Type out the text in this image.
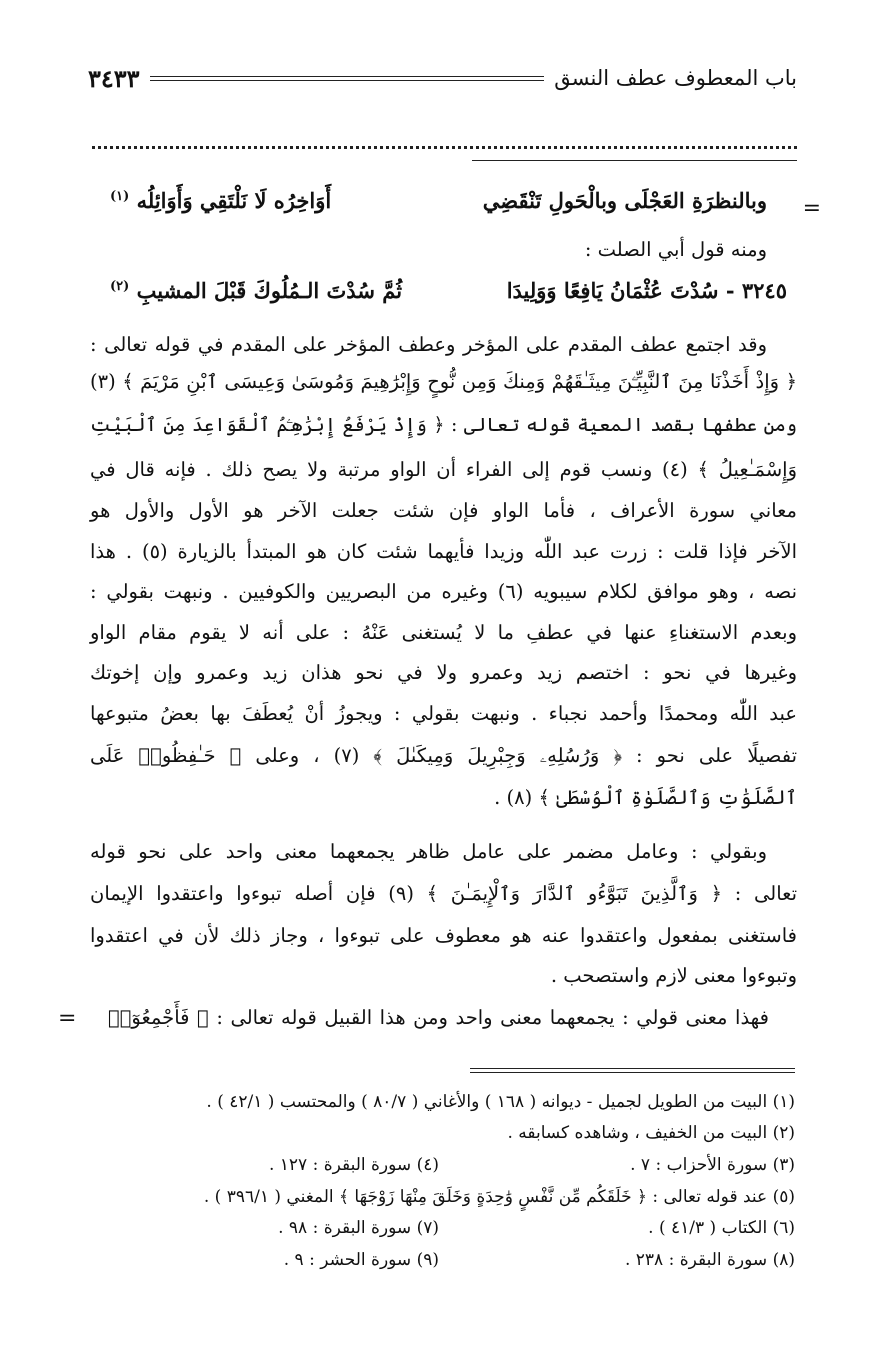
باب المعطوف عطف النسق
٣٤٣٣
=
وبالنظرَةِ العَجْلَى وبالْحَولِ تَنْقَضِي
أَوَاخِرُه لَا نَلْتَقِي وَأَوَائِلُه $^{(١)}$
ومنه قول أبي الصلت :
٣٢٤٥ - سُدْتَ عُثْمَانُ يَافِعًا وَوَلِيدَا
ثُمَّ سُدْتَ الـمُلُوكَ قَبْلَ المشيبِ $^{(٢)}$
وقد اجتمع عطف المقدم على المؤخر وعطف المؤخر على المقدم في قوله تعالى :
﴿ وَإِذْ أَخَذْنَا مِنَ ٱلنَّبِيِّـۧنَ مِيثَـٰقَهُمْ وَمِنكَ وَمِن نُّوحٍ وَإِبْرَٰهِيمَ وَمُوسَىٰ وَعِيسَى ٱبْنِ مَرْيَمَ ﴾ (٣)
ومن عطفها بقصد المعية قوله تعالى : ﴿ وَإِذْ يَرْفَعُ إِبْرَٰهِـۧمُ ٱلْقَوَاعِدَ مِنَ ٱلْبَيْتِ
وَإِسْمَـٰعِيلُ ﴾ (٤) ونسب قوم إلى الفراء أن الواو مرتبة ولا يصح ذلك . فإنه قال في
معاني سورة الأعراف ، فأما الواو فإن شئت جعلت الآخر هو الأول والأول هو
الآخر فإذا قلت : زرت عبد اللّٰه وزيدا فأيهما شئت كان هو المبتدأ بالزيارة (٥) . هذا
نصه ، وهو موافق لكلام سيبويه (٦) وغيره من البصريين والكوفيين . ونبهت بقولي :
وبعدم الاستغناءِ عنها في عطفِ ما لا يُستغنى عَنْهُ : على أنه لا يقوم مقام الواو
وغيرها في نحو : اختصم زيد وعمرو ولا في نحو هذان زيد وعمرو وإن إخوتك
عبد اللّٰه ومحمدًا وأحمد نجباء . ونبهت بقولي : ويجوزُ أنْ يُعطَفَ بها بعضُ متبوعها
تفصيلًا على نحو : ﴿ وَرُسُلِهِۦ وَجِبْرِيلَ وَمِيكَىٰلَ ﴾ (٧) ، وعلى ﴿ حَـٰفِظُوا۟ عَلَى
ٱلصَّلَوَٰتِ وَٱلصَّلَوٰةِ ٱلْوُسْطَىٰ ﴾ (٨) .
وبقولي : وعامل مضمر على عامل ظاهر يجمعهما معنى واحد على نحو قوله
تعالى : ﴿ وَٱلَّذِينَ تَبَوَّءُو ٱلدَّارَ وَٱلْإِيمَـٰنَ ﴾ (٩) فإن أصله تبوءوا واعتقدوا الإيمان
فاستغنى بمفعول واعتقدوا عنه هو معطوف على تبوءوا ، وجاز ذلك لأن في اعتقدوا
وتبوءوا معنى لازم واستصحب .
فهذا معنى قولي : يجمعهما معنى واحد ومن هذا القبيل قوله تعالى : ﴿ فَأَجْمِعُوٓا۟
=
(١) البيت من الطويل لجميل - ديوانه ( ١٦٨ ) والأغاني ( ٨٠/٧ ) والمحتسب ( ٤٢/١ ) .
(٢) البيت من الخفيف ، وشاهده كسابقه .
(٣) سورة الأحزاب : ٧ .
(٤) سورة البقرة : ١٢٧ .
(٥) عند قوله تعالى : ﴿ خَلَقَكُم مِّن نَّفْسٍ وَٰحِدَةٍ وَخَلَقَ مِنْهَا زَوْجَهَا ﴾ المغني ( ٣٩٦/١ ) .
(٦) الكتاب ( ٤١/٣ ) .
(٧) سورة البقرة : ٩٨ .
(٨) سورة البقرة : ٢٣٨ .
(٩) سورة الحشر : ٩ .
